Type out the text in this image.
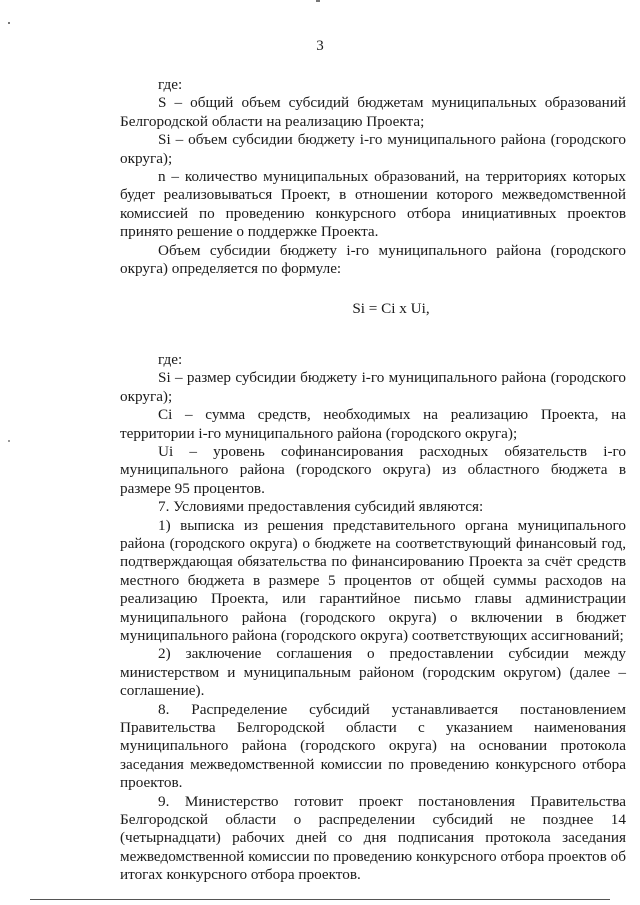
3

где:

S – общий объем субсидий бюджетам муниципальных образований Белгородской области на реализацию Проекта;

Si – объем субсидии бюджету i-го муниципального района (городского округа);

n – количество муниципальных образований, на территориях которых будет реализовываться Проект, в отношении которого межведомственной комиссией по проведению конкурсного отбора инициативных проектов принято решение о поддержке Проекта.

Объем субсидии бюджету i-го муниципального района (городского округа) определяется по формуле:

Si = Ci x Ui,

где:

Si – размер субсидии бюджету i-го муниципального района (городского округа);

Ci – сумма средств, необходимых на реализацию Проекта, на территории i-го муниципального района (городского округа);

Ui – уровень софинансирования расходных обязательств i-го муниципального района (городского округа) из областного бюджета в размере 95 процентов.

7. Условиями предоставления субсидий являются:

1) выписка из решения представительного органа муниципального района (городского округа) о бюджете на соответствующий финансовый год, подтверждающая обязательства по финансированию Проекта за счёт средств местного бюджета в размере 5 процентов от общей суммы расходов на реализацию Проекта, или гарантийное письмо главы администрации муниципального района (городского округа) о включении в бюджет муниципального района (городского округа) соответствующих ассигнований;

2) заключение соглашения о предоставлении субсидии между министерством и муниципальным районом (городским округом) (далее – соглашение).

8. Распределение субсидий устанавливается постановлением Правительства Белгородской области с указанием наименования муниципального района (городского округа) на основании протокола заседания межведомственной комиссии по проведению конкурсного отбора проектов.

9. Министерство готовит проект постановления Правительства Белгородской области о распределении субсидий не позднее 14 (четырнадцати) рабочих дней со дня подписания протокола заседания межведомственной комиссии по проведению конкурсного отбора проектов об итогах конкурсного отбора проектов.
